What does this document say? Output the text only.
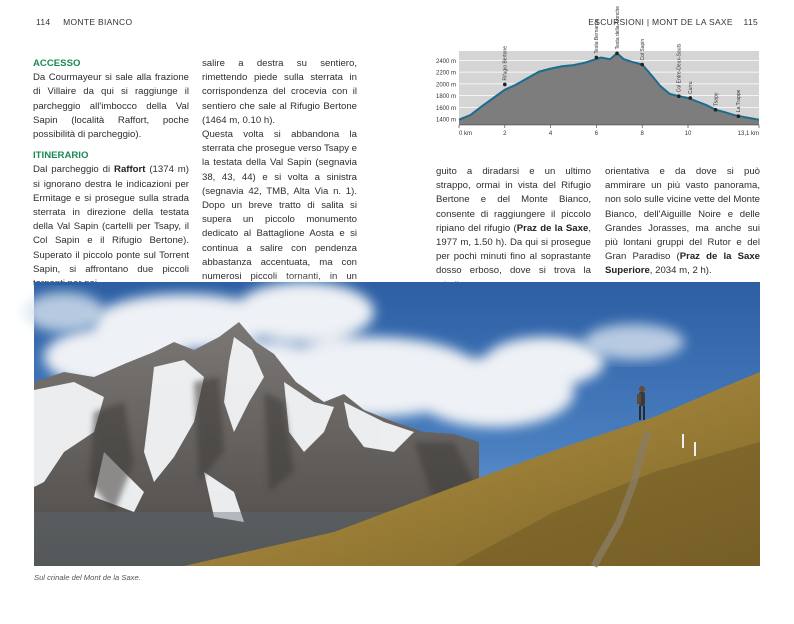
114 MONTE BIANCO	ESCURSIONI | MONT DE LA SAXE 115

ACCESSO

Da Courmayeur si sale alla frazione di Villaire da qui si raggiunge il parcheggio all'imbocco della Val Sapin (località Raffort, poche possibilità di parcheggio).

ITINERARIO

Dal parcheggio di Raffort (1374 m) si ignorano destra le indicazioni per Ermitage e si prosegue sulla strada sterrata in direzione della testata della Val Sapin (cartelli per Tsapy, il Col Sapin e il Rifugio Bertone). Superato il piccolo ponte sul Torrent Sapin, si affrontano due piccoli

salire a destra su sentiero, rimettendo piede sulla sterrata in corrispondenza del crocevia con il sentiero che sale al Rifugio Bertone (1464 m, 0.10 h).

Questa volta si abbandona la sterrata che prosegue verso Tsapy e la testata della Val Sapin (segnavia 38, 43, 44) e si volta a sinistra (segnavia 42, TMB, Alta Via n. 1). Dopo un breve tratto di salita si supera un piccolo monumento dedicato al Battaglione Aosta e si continua a salire con pendenza abbastanza accentuata, ma con numerosi piccoli tornanti, in un

1400 m
1600 m
1800 m
2000 m
2200 m
2400 m
0 km	2	4	6	8	10	13,1 km
Rifugio Bertone
Testa Bernarda	Testa della Tronche
Col Sapin	Col Entre-Deux-Sauts Curru
Tsapy	La Trappe

guito a diradarsi e un ultimo strappo, ormai in vista del Rifugio Bertone e del Monte Bianco, consente di raggiungere il piccolo ripiano del rifugio (Praz de la Saxe, 1977 m, 1.50 h). Da qui si prosegue per pochi minuti fino al soprastante dosso erboso, dove si trova la

orientativa e da dove si può ammirare un più vasto panorama, non solo sulle vicine vette del Monte Bianco, dell'Aiguille Noire e delle Grandes Jorasses, ma anche sui più lontani gruppi del Rutor e del Gran Paradiso (Praz de la Saxe Superiore, 2034 m, 2 h).

Sul crinale del Mont de la Saxe.
